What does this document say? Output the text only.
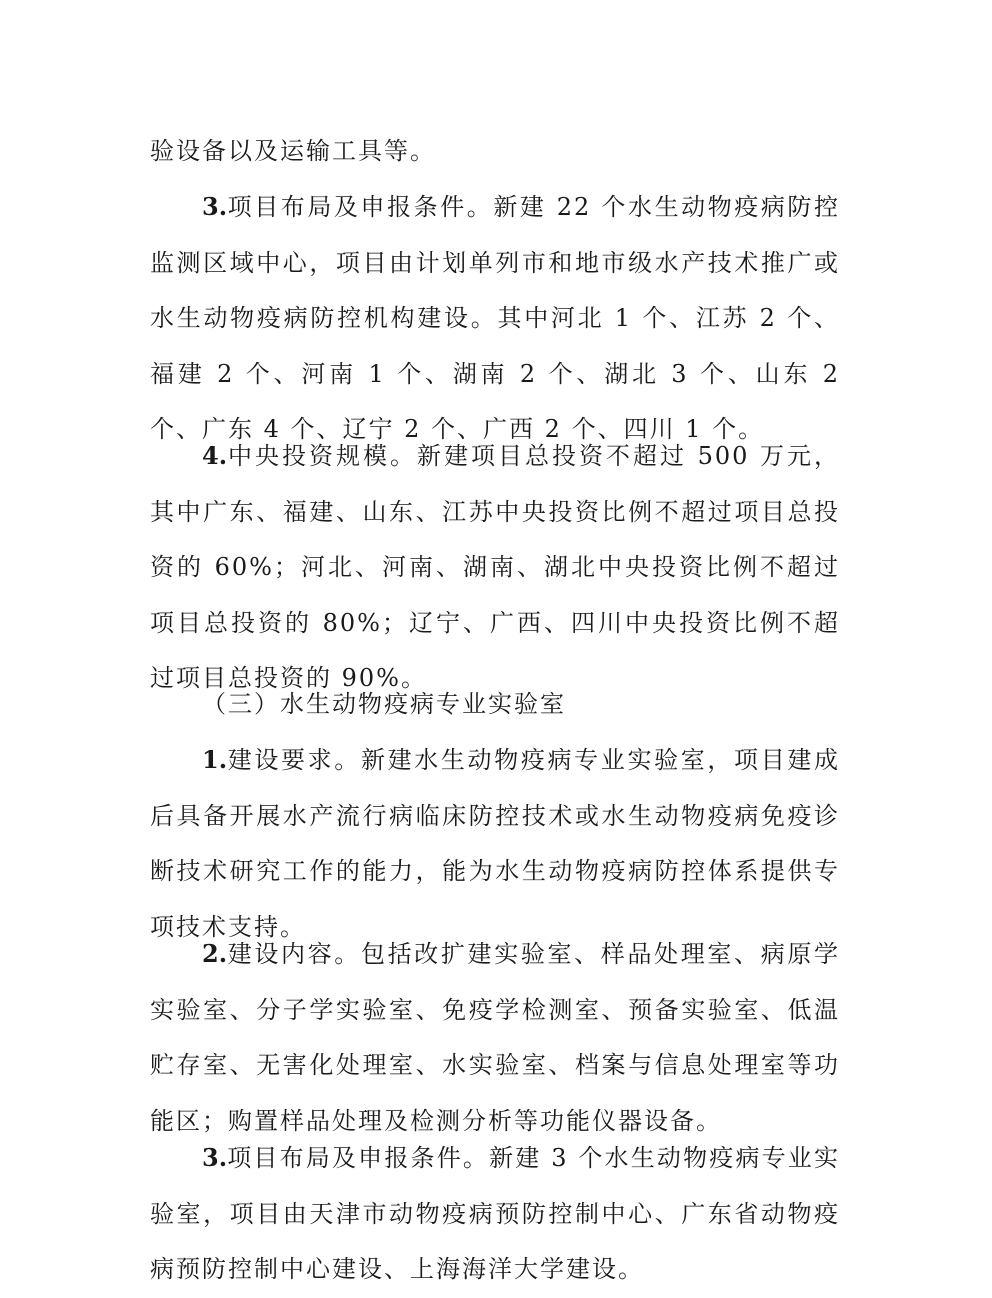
验设备以及运输工具等。

3.项目布局及申报条件。新建 22 个水生动物疫病防控监测区域中心，项目由计划单列市和地市级水产技术推广或水生动物疫病防控机构建设。其中河北 1 个、江苏 2 个、福建 2 个、河南 1 个、湖南 2 个、湖北 3 个、山东 2 个、广东 4 个、辽宁 2 个、广西 2 个、四川 1 个。

4.中央投资规模。新建项目总投资不超过 500 万元，其中广东、福建、山东、江苏中央投资比例不超过项目总投资的 60%；河北、河南、湖南、湖北中央投资比例不超过项目总投资的 80%；辽宁、广西、四川中央投资比例不超过项目总投资的 90%。

（三）水生动物疫病专业实验室

1.建设要求。新建水生动物疫病专业实验室，项目建成后具备开展水产流行病临床防控技术或水生动物疫病免疫诊断技术研究工作的能力，能为水生动物疫病防控体系提供专项技术支持。

2.建设内容。包括改扩建实验室、样品处理室、病原学实验室、分子学实验室、免疫学检测室、预备实验室、低温贮存室、无害化处理室、水实验室、档案与信息处理室等功能区；购置样品处理及检测分析等功能仪器设备。

3.项目布局及申报条件。新建 3 个水生动物疫病专业实验室，项目由天津市动物疫病预防控制中心、广东省动物疫病预防控制中心建设、上海海洋大学建设。
